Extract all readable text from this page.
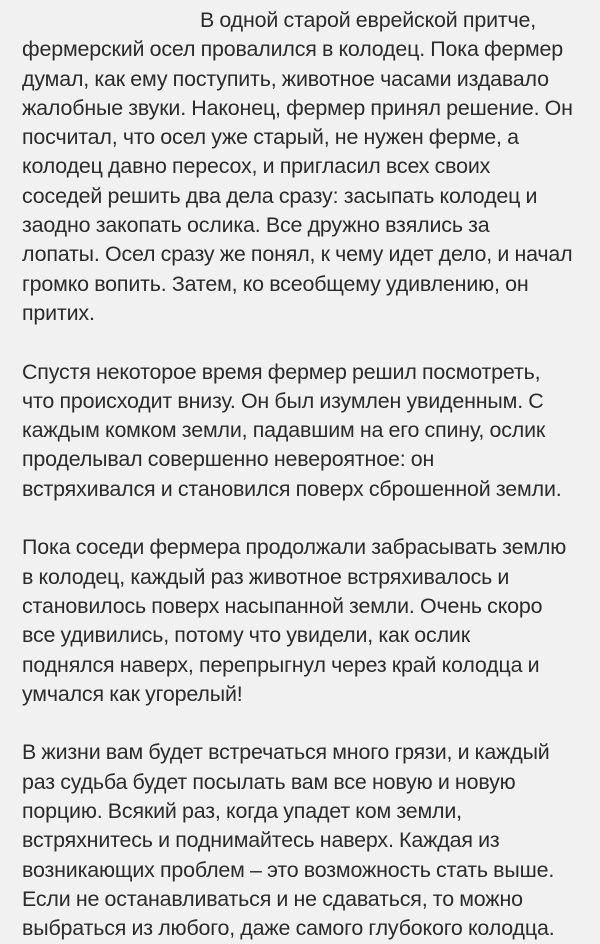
В одной старой еврейской притче,
фермерский осел провалился в колодец. Пока фермер
думал, как ему поступить, животное часами издавало
жалобные звуки. Наконец, фермер принял решение. Он
посчитал, что осел уже старый, не нужен ферме, а
колодец давно пересох, и пригласил всех своих
соседей решить два дела сразу: засыпать колодец и
заодно закопать ослика. Все дружно взялись за
лопаты. Осел сразу же понял, к чему идет дело, и начал
громко вопить. Затем, ко всеобщему удивлению, он
притих.

Спустя некоторое время фермер решил посмотреть,
что происходит внизу. Он был изумлен увиденным. С
каждым комком земли, падавшим на его спину, ослик
проделывал совершенно невероятное: он
встряхивался и становился поверх сброшенной земли.

Пока соседи фермера продолжали забрасывать землю
в колодец, каждый раз животное встряхивалось и
становилось поверх насыпанной земли. Очень скоро
все удивились, потому что увидели, как ослик
поднялся наверх, перепрыгнул через край колодца и
умчался как угорелый!

В жизни вам будет встречаться много грязи, и каждый
раз судьба будет посылать вам все новую и новую
порцию. Всякий раз, когда упадет ком земли,
встряхнитесь и поднимайтесь наверх. Каждая из
возникающих проблем – это возможность стать выше.
Если не останавливаться и не сдаваться, то можно
выбраться из любого, даже самого глубокого колодца.
